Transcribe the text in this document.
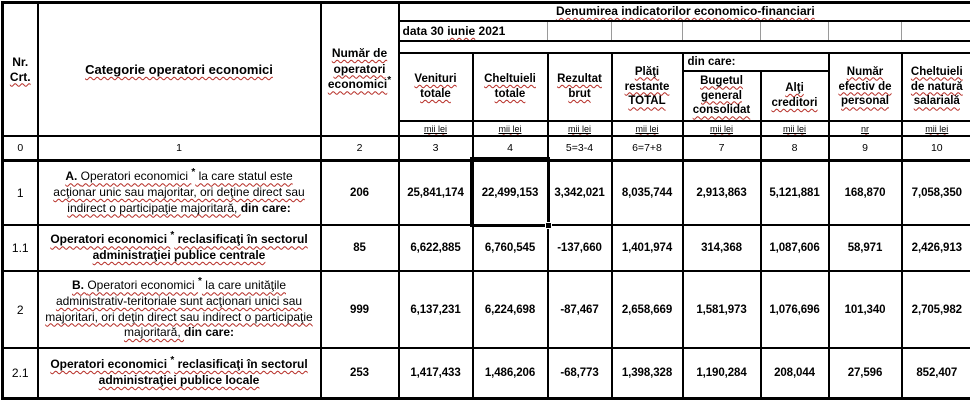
Nr.
Crt.	Categorie operatori economici	Număr de operatori economici*	Denumirea indicatorilor economico-financiari							
			data 30 iunie 2021							

			Venituri totale	Cheltuieli totale	Rezultat brut	Plăţi restante TOTAL	din care:		Număr efectiv de personal	Cheltuieli de natură salarială
							Bugetul general consolidat	Alţi creditori		
			mii lei	mii lei	mii lei	mii lei	mii lei	mii lei	nr	mii lei
0	1	2	3	4	5=3-4	6=7+8	7	8	9	10
1	A. Operatori economici * la care statul este acţionar unic sau majoritar, ori deţine direct sau indirect o participaţie majoritară, din care:	206	25,841,174	22,499,153	3,342,021	8,035,744	2,913,863	5,121,881	168,870	7,058,350
1.1	Operatori economici * reclasificaţi în sectorul administraţiei publice centrale	85	6,622,885	6,760,545	-137,660	1,401,974	314,368	1,087,606	58,971	2,426,913
2	B. Operatori economici * la care unităţile administrativ-teritoriale sunt acţionari unici sau majoritari, ori deţin direct sau indirect o participaţie majoritară, din care:	999	6,137,231	6,224,698	-87,467	2,658,669	1,581,973	1,076,696	101,340	2,705,982
2.1	Operatori economici * reclasificaţi în sectorul administraţiei publice locale	253	1,417,433	1,486,206	-68,773	1,398,328	1,190,284	208,044	27,596	852,407
